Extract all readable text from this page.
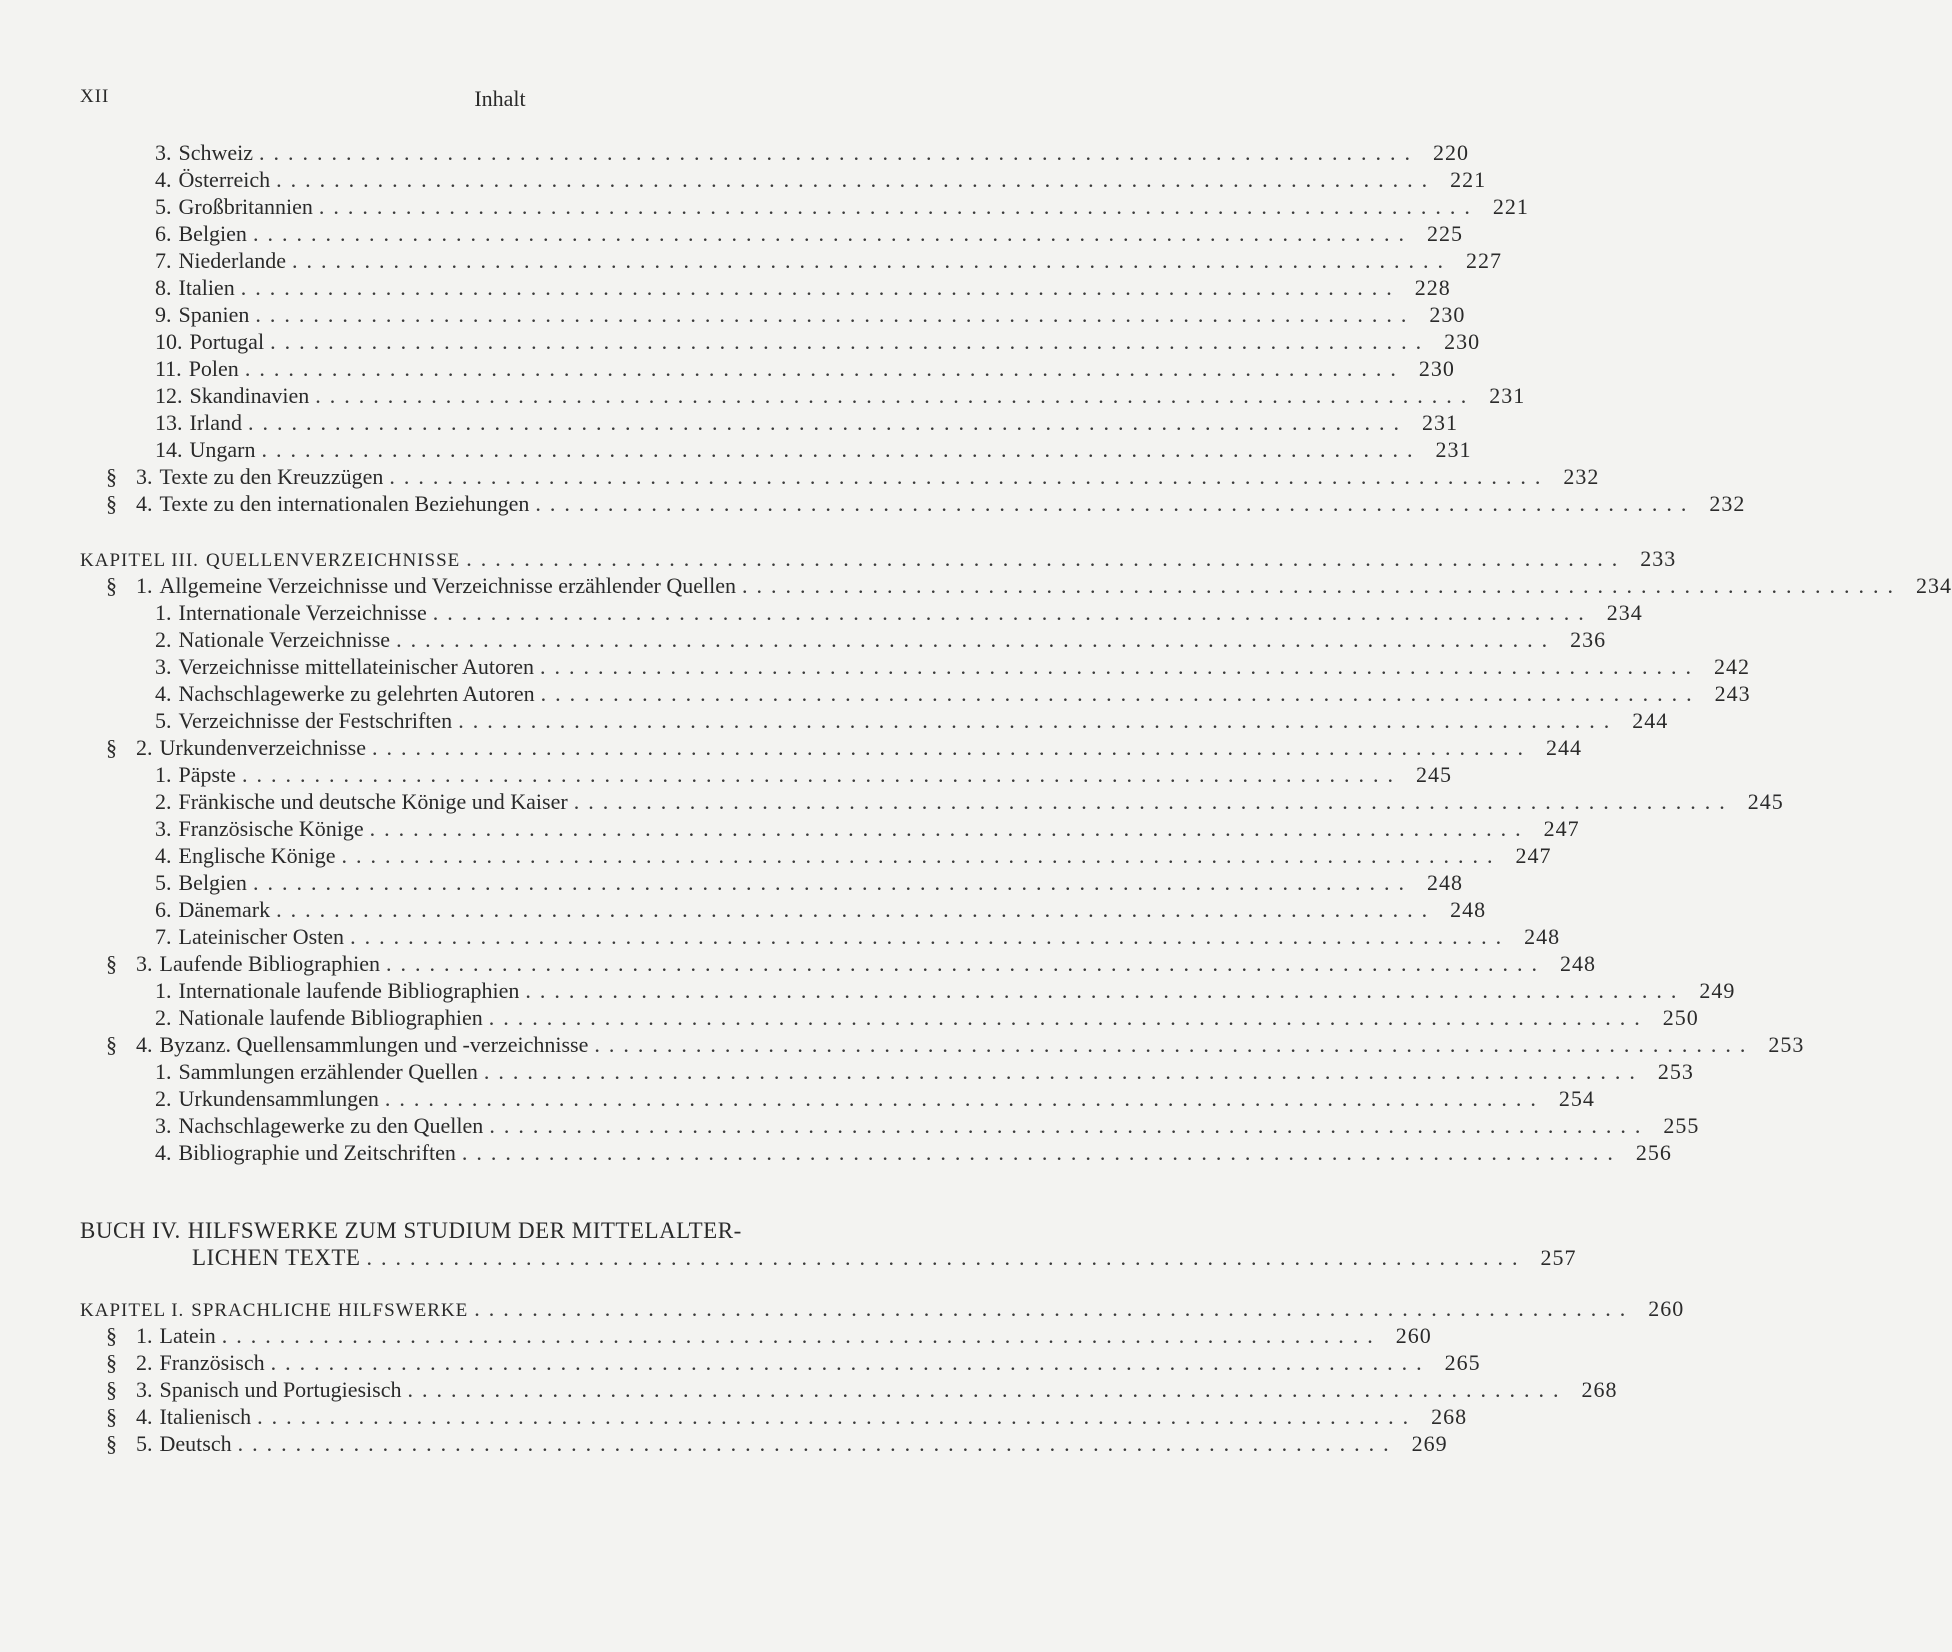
XII	Inhalt
3. Schweiz ................................................................................ 220
4. Österreich ................................................................................ 221
5. Großbritannien ................................................................................ 221
6. Belgien ................................................................................ 225
7. Niederlande ................................................................................ 227
8. Italien ................................................................................ 228
9. Spanien ................................................................................ 230
10. Portugal ................................................................................ 230
11. Polen ................................................................................ 230
12. Skandinavien ................................................................................ 231
13. Irland ................................................................................ 231
14. Ungarn ................................................................................ 231
§ 3. Texte zu den Kreuzzügen ................................................................................ 232
§ 4. Texte zu den internationalen Beziehungen ................................................................................ 232
KAPITEL III. QUELLENVERZEICHNISSE ................................................................................ 233
§ 1. Allgemeine Verzeichnisse und Verzeichnisse erzählender Quellen ................................................................................ 234
1. Internationale Verzeichnisse ................................................................................ 234
2. Nationale Verzeichnisse ................................................................................ 236
3. Verzeichnisse mittellateinischer Autoren ................................................................................ 242
4. Nachschlagewerke zu gelehrten Autoren ................................................................................ 243
5. Verzeichnisse der Festschriften ................................................................................ 244
§ 2. Urkundenverzeichnisse ................................................................................ 244
1. Päpste ................................................................................ 245
2. Fränkische und deutsche Könige und Kaiser ................................................................................ 245
3. Französische Könige ................................................................................ 247
4. Englische Könige ................................................................................ 247
5. Belgien ................................................................................ 248
6. Dänemark ................................................................................ 248
7. Lateinischer Osten ................................................................................ 248
§ 3. Laufende Bibliographien ................................................................................ 248
1. Internationale laufende Bibliographien ................................................................................ 249
2. Nationale laufende Bibliographien ................................................................................ 250
§ 4. Byzanz. Quellensammlungen und -verzeichnisse ................................................................................ 253
1. Sammlungen erzählender Quellen ................................................................................ 253
2. Urkundensammlungen ................................................................................ 254
3. Nachschlagewerke zu den Quellen ................................................................................ 255
4. Bibliographie und Zeitschriften ................................................................................ 256
BUCH IV. HILFSWERKE ZUM STUDIUM DER MITTELALTER-
LICHEN TEXTE ................................................................................ 257
KAPITEL I. SPRACHLICHE HILFSWERKE ................................................................................ 260
§ 1. Latein ................................................................................ 260
§ 2. Französisch ................................................................................ 265
§ 3. Spanisch und Portugiesisch ................................................................................ 268
§ 4. Italienisch ................................................................................ 268
§ 5. Deutsch ................................................................................ 269
